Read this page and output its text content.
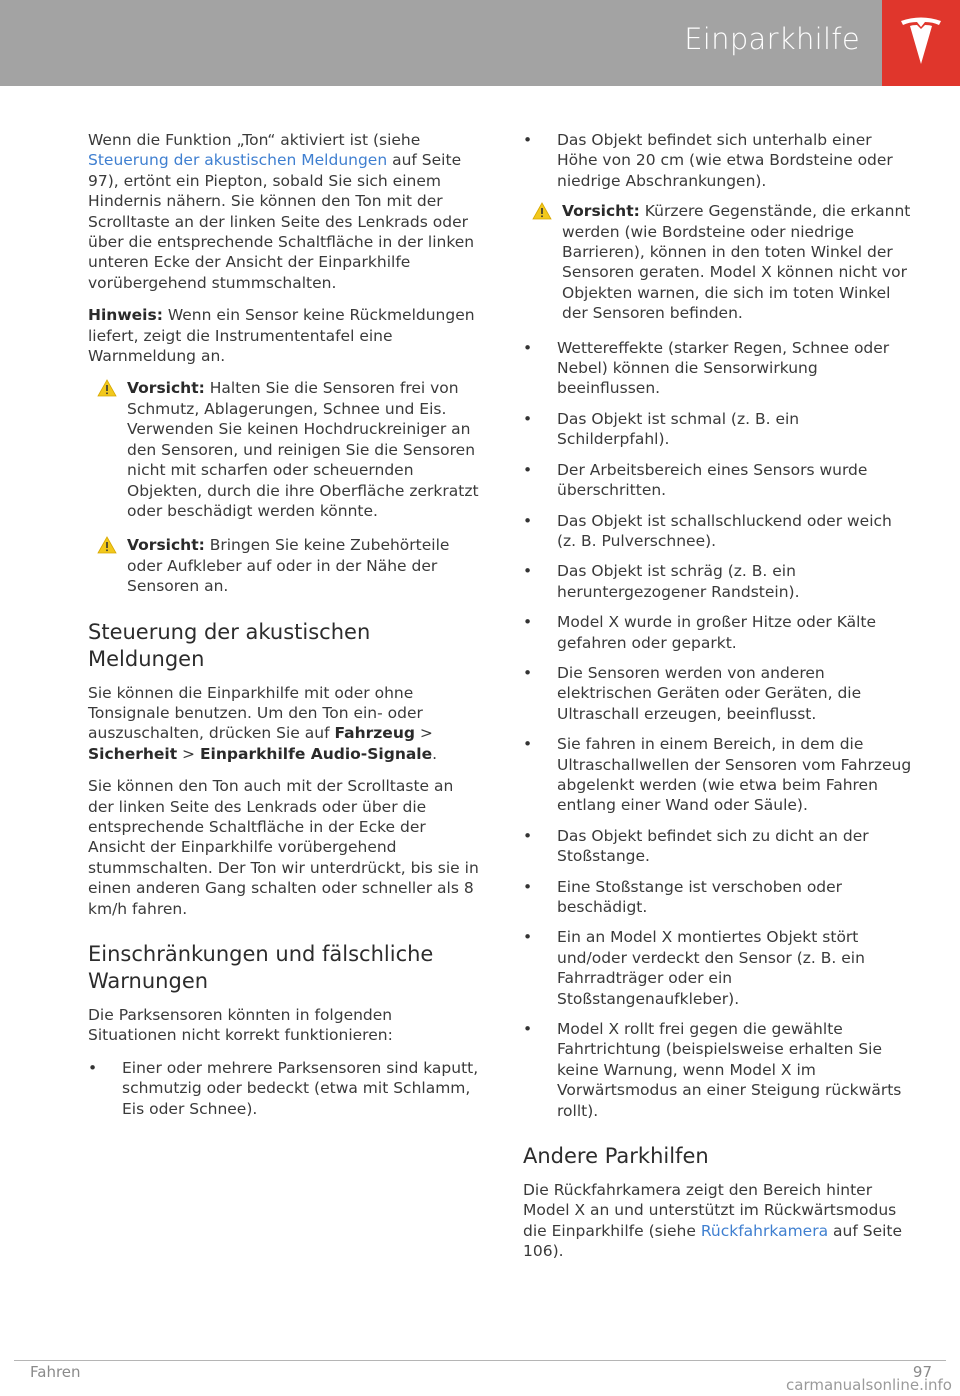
Einparkhilfe

Wenn die Funktion „Ton“ aktiviert ist (siehe Steuerung der akustischen Meldungen auf Seite 97), ertönt ein Piepton, sobald Sie sich einem Hindernis nähern. Sie können den Ton mit der Scrolltaste an der linken Seite des Lenkrads oder über die entsprechende Schaltfläche in der linken unteren Ecke der Ansicht der Einparkhilfe vorübergehend stummschalten.

Hinweis: Wenn ein Sensor keine Rückmeldungen liefert, zeigt die Instrumententafel eine Warnmeldung an.

Vorsicht: Halten Sie die Sensoren frei von Schmutz, Ablagerungen, Schnee und Eis. Verwenden Sie keinen Hochdruckreiniger an den Sensoren, und reinigen Sie die Sensoren nicht mit scharfen oder scheuernden Objekten, durch die ihre Oberfläche zerkratzt oder beschädigt werden könnte.
Vorsicht: Bringen Sie keine Zubehörteile oder Aufkleber auf oder in der Nähe der Sensoren an.
Steuerung der akustischen Meldungen

Sie können die Einparkhilfe mit oder ohne Tonsignale benutzen. Um den Ton ein- oder auszuschalten, drücken Sie auf Fahrzeug > Sicherheit > Einparkhilfe Audio-Signale.

Sie können den Ton auch mit der Scrolltaste an der linken Seite des Lenkrads oder über die entsprechende Schaltfläche in der Ecke der Ansicht der Einparkhilfe vorübergehend stummschalten. Der Ton wir unterdrückt, bis sie in einen anderen Gang schalten oder schneller als 8 km/h fahren.

Einschränkungen und fälschliche Warnungen

Die Parksensoren könnten in folgenden Situationen nicht korrekt funktionieren:

• Einer oder mehrere Parksensoren sind kaputt, schmutzig oder bedeckt (etwa mit Schlamm, Eis oder Schnee).
• Das Objekt befindet sich unterhalb einer Höhe von 20 cm (wie etwa Bordsteine oder niedrige Abschrankungen).
Vorsicht: Kürzere Gegenstände, die erkannt werden (wie Bordsteine oder niedrige Barrieren), können in den toten Winkel der Sensoren geraten. Model X können nicht vor Objekten warnen, die sich im toten Winkel der Sensoren befinden.
• Wettereffekte (starker Regen, Schnee oder Nebel) können die Sensorwirkung beeinflussen.
• Das Objekt ist schmal (z. B. ein Schilderpfahl).
• Der Arbeitsbereich eines Sensors wurde überschritten.
• Das Objekt ist schallschluckend oder weich (z. B. Pulverschnee).
• Das Objekt ist schräg (z. B. ein heruntergezogener Randstein).
• Model X wurde in großer Hitze oder Kälte gefahren oder geparkt.
• Die Sensoren werden von anderen elektrischen Geräten oder Geräten, die Ultraschall erzeugen, beeinflusst.
• Sie fahren in einem Bereich, in dem die Ultraschallwellen der Sensoren vom Fahrzeug abgelenkt werden (wie etwa beim Fahren entlang einer Wand oder Säule).
• Das Objekt befindet sich zu dicht an der Stoßstange.
• Eine Stoßstange ist verschoben oder beschädigt.
• Ein an Model X montiertes Objekt stört und/oder verdeckt den Sensor (z. B. ein Fahrradträger oder ein Stoßstangenaufkleber).
• Model X rollt frei gegen die gewählte Fahrtrichtung (beispielsweise erhalten Sie keine Warnung, wenn Model X im Vorwärtsmodus an einer Steigung rückwärts rollt).
Andere Parkhilfen

Die Rückfahrkamera zeigt den Bereich hinter Model X an und unterstützt im Rückwärtsmodus die Einparkhilfe (siehe Rückfahrkamera auf Seite 106).

Fahren	97
carmanualsonline.info
